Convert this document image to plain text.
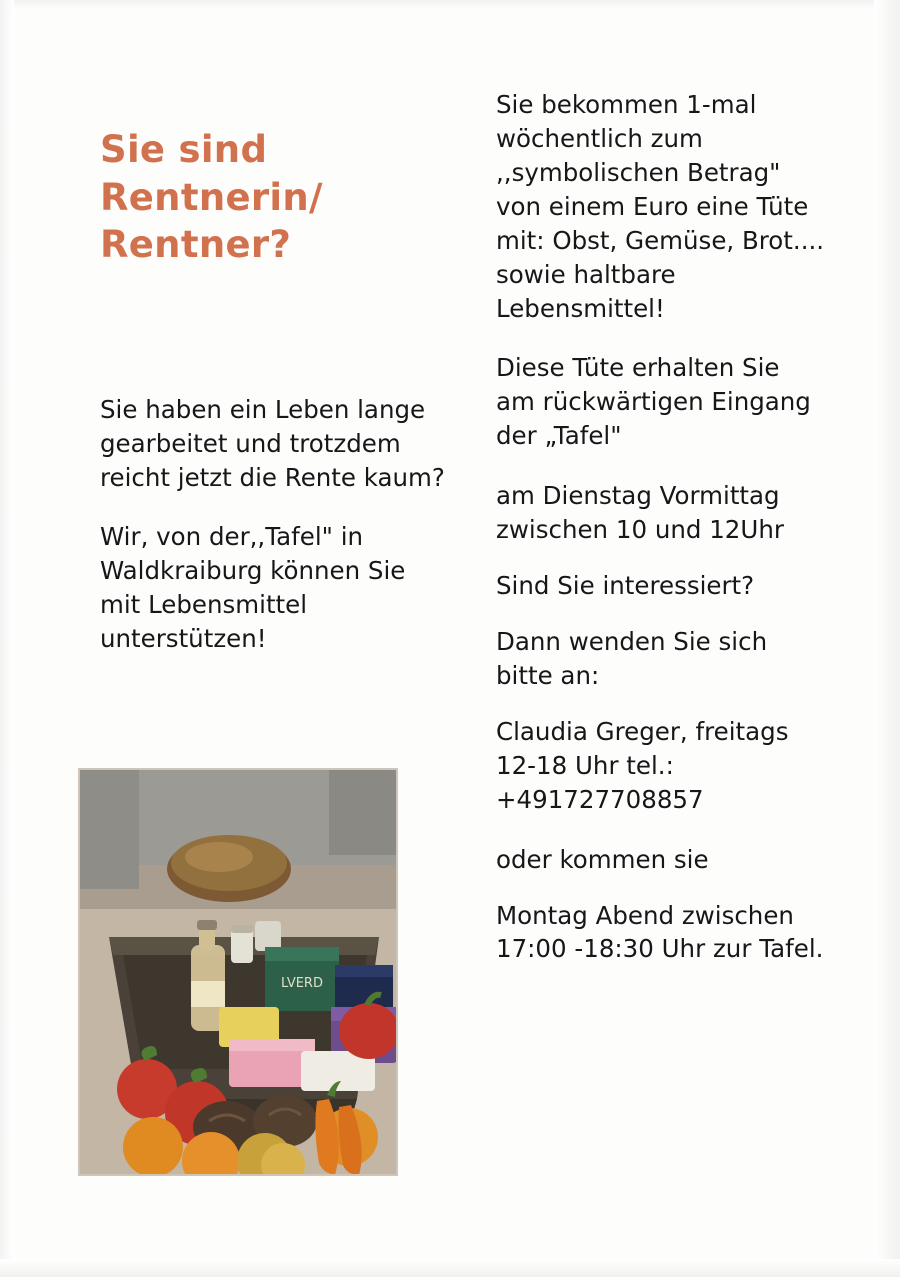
Sie sind
Rentnerin/
Rentner?

Sie haben ein Leben lange gearbeitet und trotzdem reicht jetzt die Rente kaum?

Wir, von der,,Tafel" in Waldkraiburg können Sie mit Lebensmittel unterstützen!

LVERD

Sie bekommen 1-mal wöchentlich zum ,,symbolischen Betrag" von einem Euro eine Tüte mit: Obst, Gemüse, Brot.... sowie haltbare Lebensmittel!

Diese Tüte erhalten Sie am rückwärtigen Eingang der „Tafel"

am Dienstag Vormittag zwischen 10 und 12Uhr

Sind Sie interessiert?

Dann wenden Sie sich bitte an:

Claudia Greger, freitags 12-18 Uhr tel.: +491727708857

oder kommen sie

Montag Abend zwischen 17:00 -18:30 Uhr zur Tafel.
